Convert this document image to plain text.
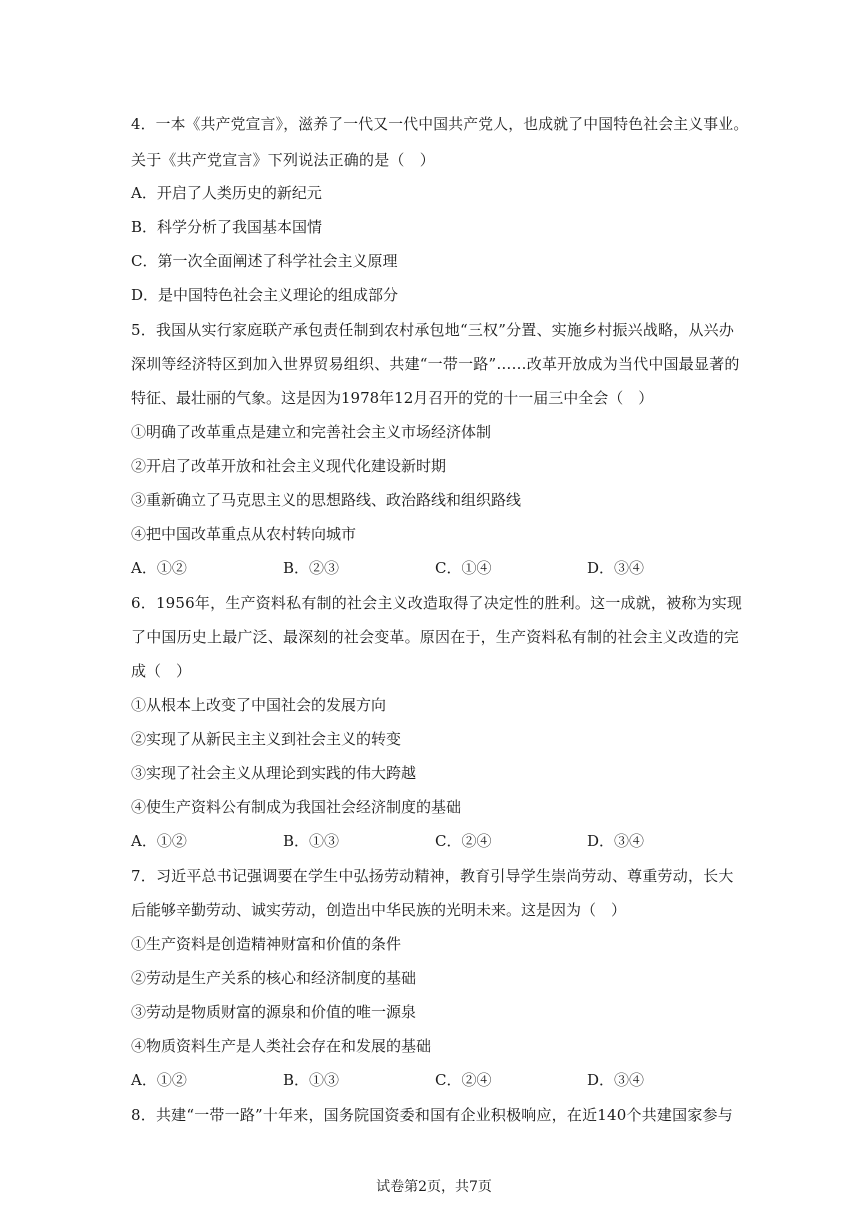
4．一本《共产党宣言》，滋养了一代又一代中国共产党人，也成就了中国特色社会主义事业。
关于《共产党宣言》下列说法正确的是（　）
A．开启了人类历史的新纪元
B．科学分析了我国基本国情
C．第一次全面阐述了科学社会主义原理
D．是中国特色社会主义理论的组成部分
5．我国从实行家庭联产承包责任制到农村承包地“三权”分置、实施乡村振兴战略，从兴办
深圳等经济特区到加入世界贸易组织、共建“一带一路”……改革开放成为当代中国最显著的
特征、最壮丽的气象。这是因为1978年12月召开的党的十一届三中全会（　）
①明确了改革重点是建立和完善社会主义市场经济体制
②开启了改革开放和社会主义现代化建设新时期
③重新确立了马克思主义的思想路线、政治路线和组织路线
④把中国改革重点从农村转向城市
A．①②	B．②③	C．①④	D．③④
6．1956年，生产资料私有制的社会主义改造取得了决定性的胜利。这一成就，被称为实现
了中国历史上最广泛、最深刻的社会变革。原因在于，生产资料私有制的社会主义改造的完
成（　）
①从根本上改变了中国社会的发展方向
②实现了从新民主主义到社会主义的转变
③实现了社会主义从理论到实践的伟大跨越
④使生产资料公有制成为我国社会经济制度的基础
A．①②	B．①③	C．②④	D．③④
7．习近平总书记强调要在学生中弘扬劳动精神，教育引导学生崇尚劳动、尊重劳动，长大
后能够辛勤劳动、诚实劳动，创造出中华民族的光明未来。这是因为（　）
①生产资料是创造精神财富和价值的条件
②劳动是生产关系的核心和经济制度的基础
③劳动是物质财富的源泉和价值的唯一源泉
④物质资料生产是人类社会存在和发展的基础
A．①②	B．①③	C．②④	D．③④
8．共建“一带一路”十年来，国务院国资委和国有企业积极响应，在近140个共建国家参与
试卷第2页，共7页
